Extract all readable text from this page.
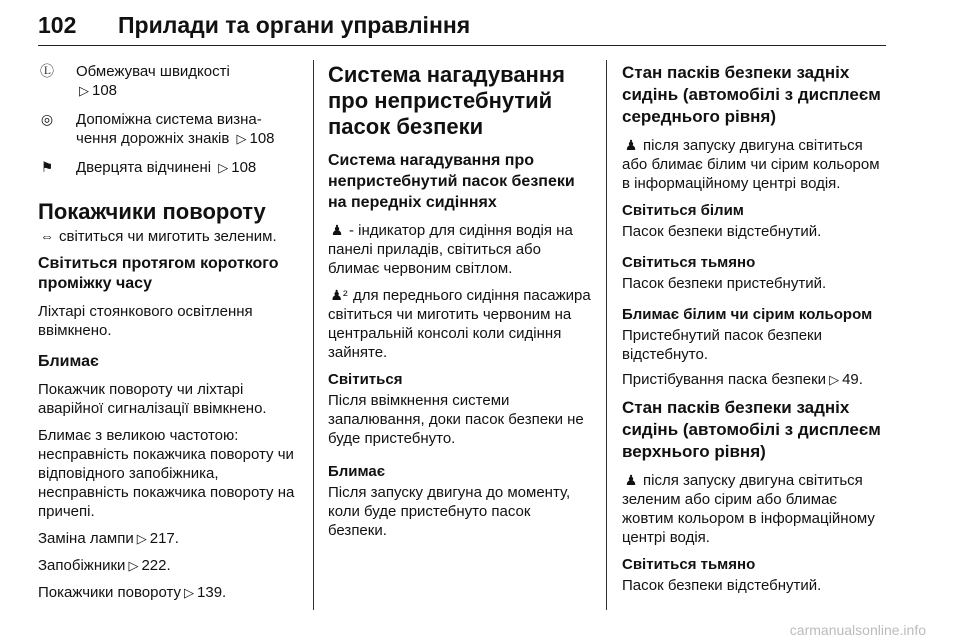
102 Прилади та органи управління
Ⓛ Обмежувач швидкості
▷ 108
◎ Допоміжна система визна-чення дорожніх знаків ▷ 108
⚑ Дверцята відчинені ▷ 108
Покажчики повороту

⇔ світиться чи миготить зеленим.

Світиться протягом короткого проміжку часу

Ліхтарі стоянкового освітлення ввімкнено.

Блимає

Покажчик повороту чи ліхтарі аварійної сигналізації ввімкнено.

Блимає з великою частотою: несправність покажчика повороту чи відповідного запобіжника, несправність покажчика повороту на причепі.

Заміна лампи ▷ 217.

Запобіжники ▷ 222.

Покажчики повороту ▷ 139.

Система нагадування про непристебнутий пасок безпеки
Система нагадування про непристебнутий пасок безпеки на передніх сидіннях

♟ - індикатор для сидіння водія на панелі приладів, світиться або блимає червоним світлом.

♟² для переднього сидіння пасажира світиться чи миготить червоним на центральній консолі коли сидіння зайняте.

Світиться

Після ввімкнення системи запалювання, доки пасок безпеки не буде пристебнуто.

Блимає

Після запуску двигуна до моменту, коли буде пристебнуто пасок безпеки.

Стан пасків безпеки задніх сидінь (автомобілі з дисплеєм середнього рівня)

♟ після запуску двигуна світиться або блимає білим чи сірим кольором в інформаційному центрі водія.

Світиться білим

Пасок безпеки відстебнутий.

Світиться тьмяно

Пасок безпеки пристебнутий.

Блимає білим чи сірим кольором

Пристебнутий пасок безпеки відстебнуто.

Пристібування паска безпеки ▷ 49.

Стан пасків безпеки задніх сидінь (автомобілі з дисплеєм верхнього рівня)

♟ після запуску двигуна світиться зеленим або сірим або блимає жовтим кольором в інформаційному центрі водія.

Світиться тьмяно

Пасок безпеки відстебнутий.

carmanualsonline.info
